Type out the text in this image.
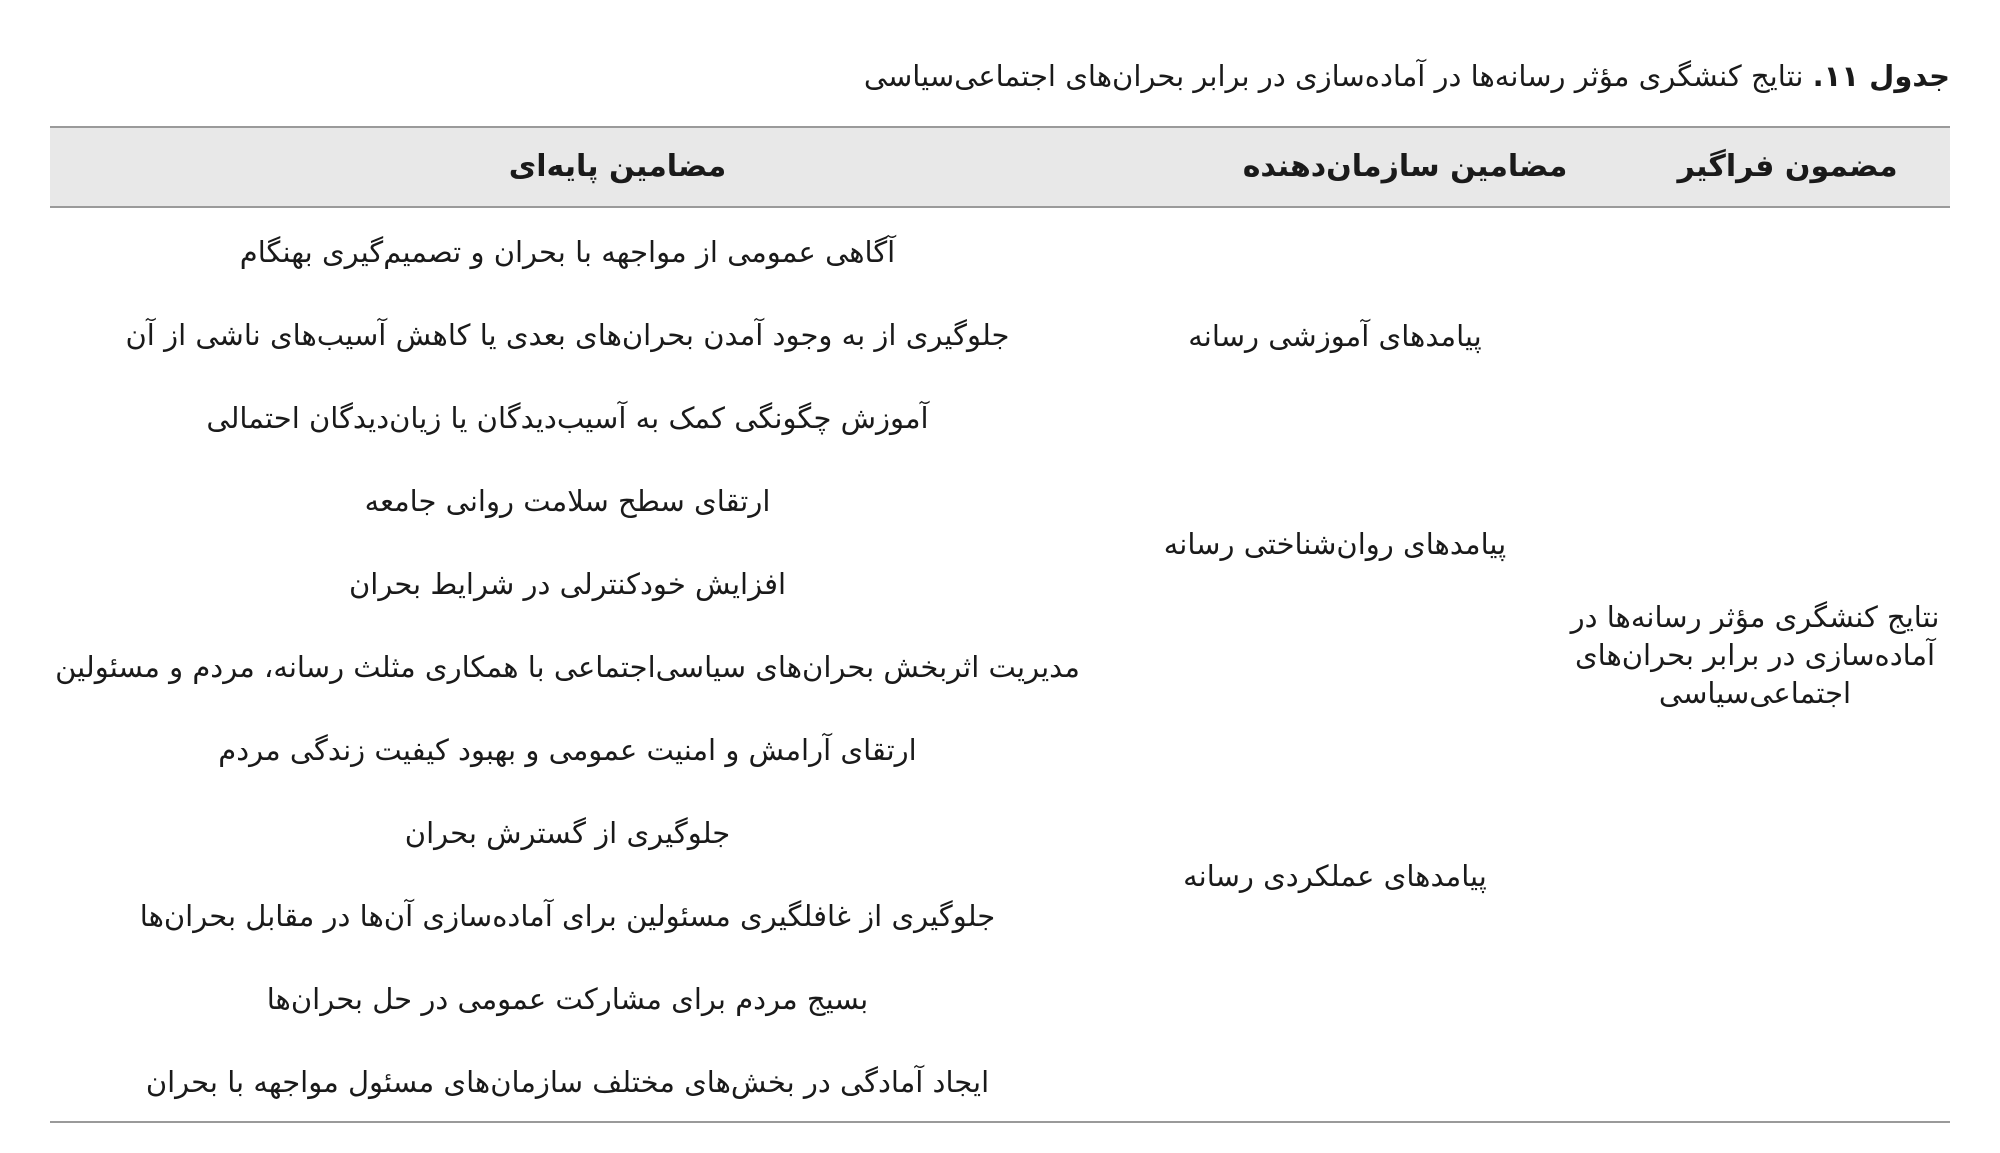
جدول ۱۱. نتایج کنشگری مؤثر رسانه‌ها در آماده‌سازی در برابر بحران‌های اجتماعی‌سیاسی
مضمون فراگیر
مضامین سازمان‌دهنده
مضامین پایه‌ای
نتایج کنشگری مؤثر رسانه‌ها در
آماده‌سازی در برابر بحران‌های
اجتماعی‌سیاسی
پیامدهای آموزشی رسانه
پیامدهای روان‌شناختی رسانه
پیامدهای عملکردی رسانه
آگاهی عمومی از مواجهه با بحران و تصمیم‌گیری بهنگام
جلوگیری از به وجود آمدن بحران‌های بعدی یا کاهش آسیب‌های ناشی از آن
آموزش چگونگی کمک به آسیب‌دیدگان یا زیان‌دیدگان احتمالی
ارتقای سطح سلامت روانی جامعه
افزایش خودکنترلی در شرایط بحران
مدیریت اثربخش بحران‌های سیاسی‌اجتماعی با همکاری مثلث رسانه، مردم و مسئولین
ارتقای آرامش و امنیت عمومی و بهبود کیفیت زندگی مردم
جلوگیری از گسترش بحران
جلوگیری از غافلگیری مسئولین برای آماده‌سازی آن‌ها در مقابل بحران‌ها
بسیج مردم برای مشارکت عمومی در حل بحران‌ها
ایجاد آمادگی در بخش‌های مختلف سازمان‌های مسئول مواجهه با بحران
